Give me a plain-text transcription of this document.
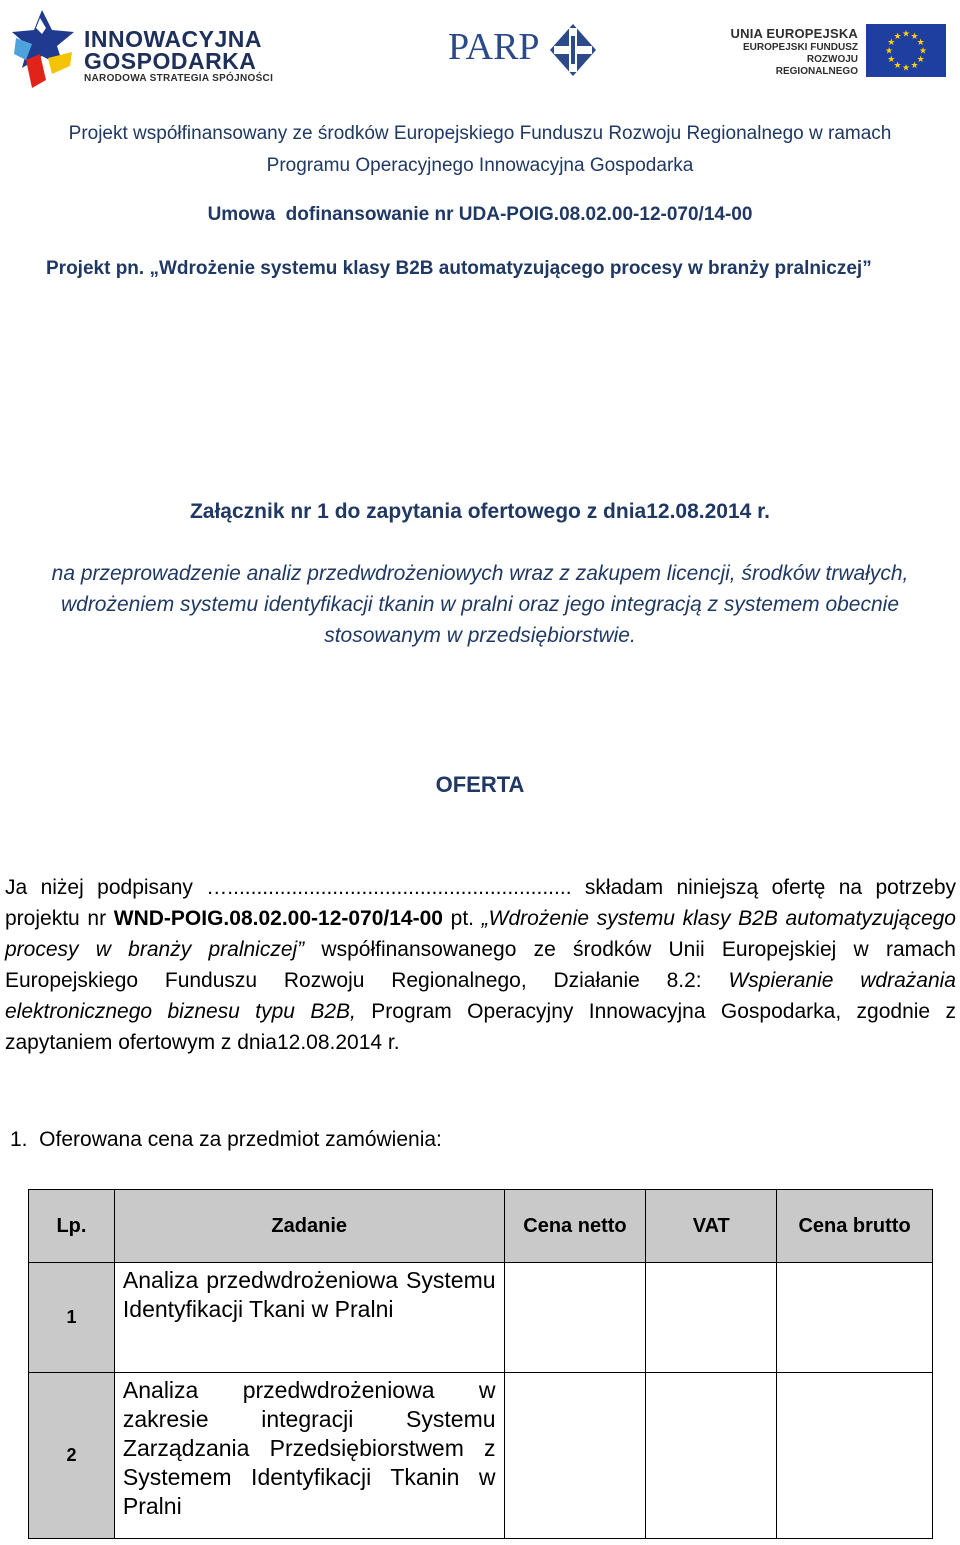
INNOWACYJNA
GOSPODARKA
NARODOWA STRATEGIA SPÓJNOŚCI
PARP	UNIA EUROPEJSKA
EUROPEJSKI FUNDUSZ
ROZWOJU REGIONALNEGO
★ ★
★
★
★
★
★
★
★
★
★
★
Projekt współfinansowany ze środków Europejskiego Funduszu Rozwoju Regionalnego w ramach
Programu Operacyjnego Innowacyjna Gospodarka
Umowa  dofinansowanie nr UDA-POIG.08.02.00-12-070/14-00
Projekt pn. „Wdrożenie systemu klasy B2B automatyzującego procesy w branży pralniczej”
Załącznik nr 1 do zapytania ofertowego z dnia12.08.2014 r.
na przeprowadzenie analiz przedwdrożeniowych wraz z zakupem licencji, środków trwałych, wdrożeniem systemu identyfikacji tkanin w pralni oraz jego integracją z systemem obecnie stosowanym w przedsiębiorstwie.
OFERTA
Ja niżej podpisany …........................................................... składam niniejszą ofertę na potrzeby projektu nr WND-POIG.08.02.00-12-070/14-00 pt. „Wdrożenie systemu klasy B2B automatyzującego procesy w branży pralniczej” współfinansowanego ze środków Unii Europejskiej w ramach Europejskiego Funduszu Rozwoju Regionalnego, Działanie 8.2: Wspieranie wdrażania elektronicznego biznesu typu B2B, Program Operacyjny Innowacyjna Gospodarka, zgodnie z zapytaniem ofertowym z dnia12.08.2014 r.
1.  Oferowana cena za przedmiot zamówienia:
Lp.	Zadanie	Cena netto	VAT	Cena brutto
1	Analiza przedwdrożeniowa Systemu Identyfikacji Tkani w Pralni			
2	Analiza przedwdrożeniowa w zakresie integracji Systemu Zarządzania Przedsiębiorstwem z Systemem Identyfikacji Tkanin w Pralni			
